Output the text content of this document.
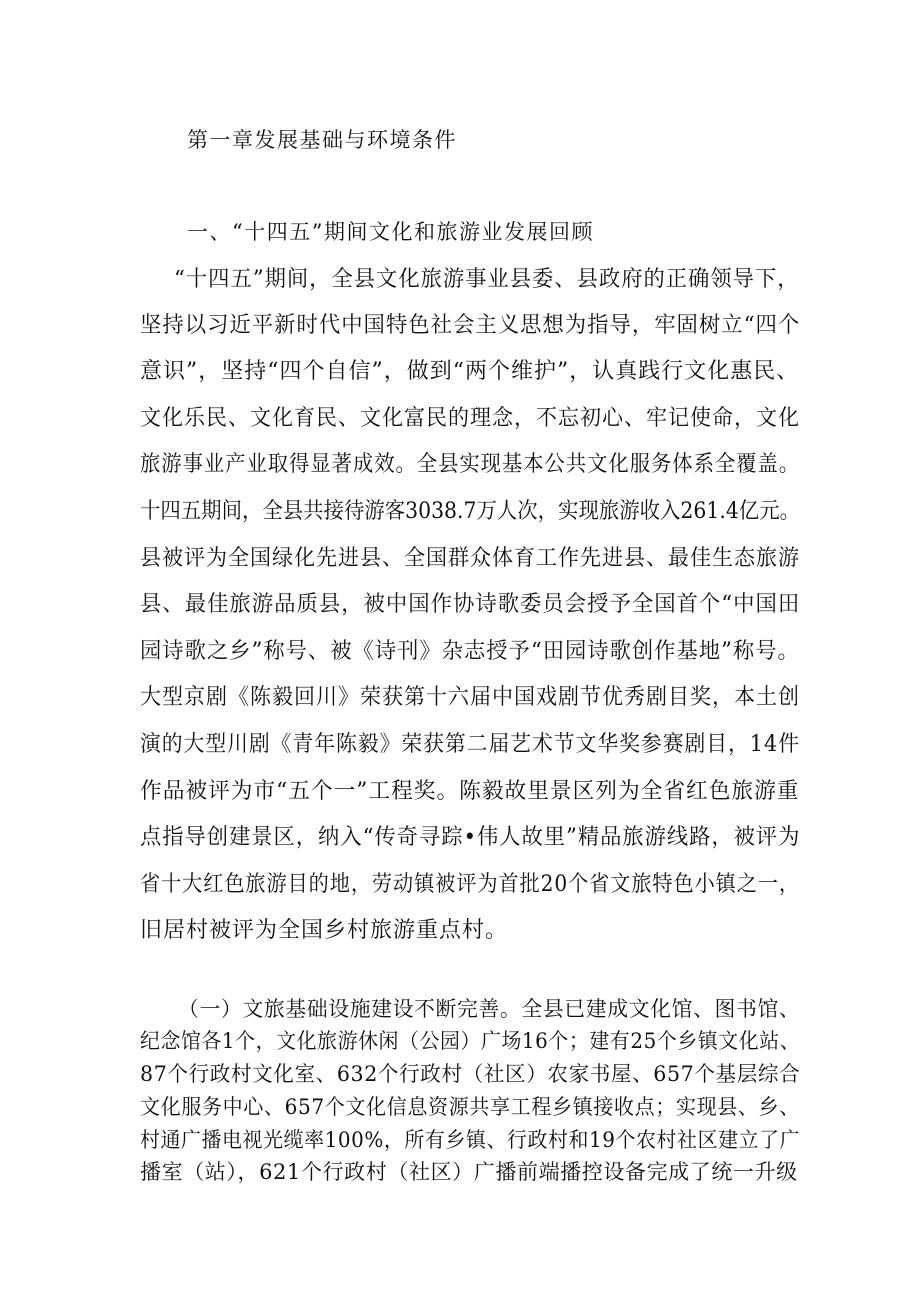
第一章发展基础与环境条件
一、“十四五”期间文化和旅游业发展回顾
“十四五”期间，全县文化旅游事业县委、县政府的正确领导下，
坚持以习近平新时代中国特色社会主义思想为指导，牢固树立“四个
意识”，坚持“四个自信”，做到“两个维护”，认真践行文化惠民、
文化乐民、文化育民、文化富民的理念，不忘初心、牢记使命，文化
旅游事业产业取得显著成效。全县实现基本公共文化服务体系全覆盖。
十四五期间，全县共接待游客3038.7万人次，实现旅游收入261.4亿元。
县被评为全国绿化先进县、全国群众体育工作先进县、最佳生态旅游
县、最佳旅游品质县，被中国作协诗歌委员会授予全国首个“中国田
园诗歌之乡”称号、被《诗刊》杂志授予“田园诗歌创作基地”称号。
大型京剧《陈毅回川》荣获第十六届中国戏剧节优秀剧目奖，本土创
演的大型川剧《青年陈毅》荣获第二届艺术节文华奖参赛剧目，14件
作品被评为市“五个一”工程奖。陈毅故里景区列为全省红色旅游重
点指导创建景区，纳入“传奇寻踪•伟人故里”精品旅游线路，被评为
省十大红色旅游目的地，劳动镇被评为首批20个省文旅特色小镇之一，
旧居村被评为全国乡村旅游重点村。
（一）文旅基础设施建设不断完善。全县已建成文化馆、图书馆、
纪念馆各1个，文化旅游休闲（公园）广场16个；建有25个乡镇文化站、
87个行政村文化室、632个行政村（社区）农家书屋、657个基层综合
文化服务中心、657个文化信息资源共享工程乡镇接收点；实现县、乡、
村通广播电视光缆率100%，所有乡镇、行政村和19个农村社区建立了广
播室（站），621个行政村（社区）广播前端播控设备完成了统一升级
